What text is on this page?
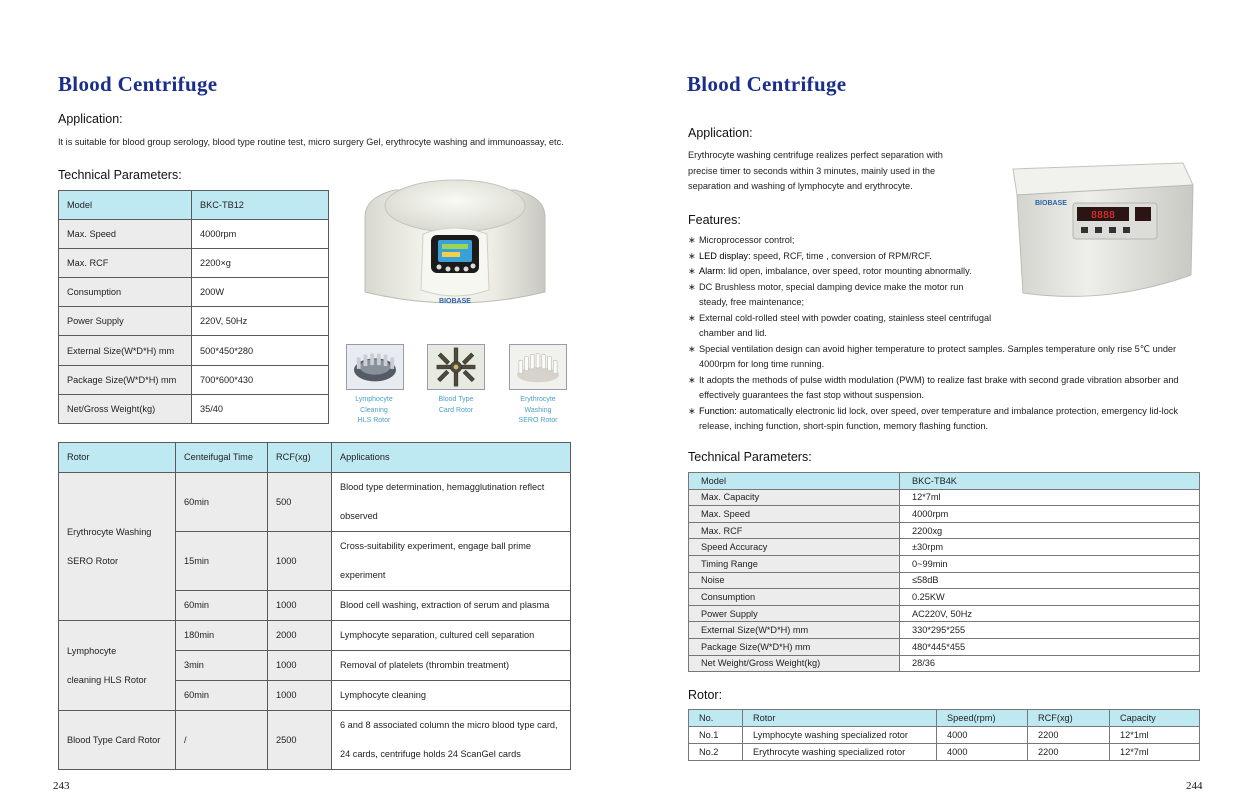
Blood Centrifuge
Application:
It is suitable for blood group serology, blood type routine test, micro surgery Gel, erythrocyte washing and immunoassay, etc.
Technical Parameters:
Model	BKC-TB12
Max. Speed	4000rpm
Max. RCF	2200×g
Consumption	200W
Power Supply	220V, 50Hz
External Size(W*D*H) mm	500*450*280
Package Size(W*D*H) mm	700*600*430
Net/Gross Weight(kg)	35/40
BIOBASE
Lymphocyte
Cleaning
HLS Rotor
Blood Type
Card Rotor
Erythrocyte
Washing
SERO Rotor
Rotor	Centeifugal Time	RCF(xg)	Applications

Erythrocyte Washing
SERO Rotor	60min	500	Blood type determination, hemagglutination reflect
			observed
	15min	1000	Cross-suitability experiment, engage ball prime
			experiment
	60min	1000	Blood cell washing, extraction of serum and plasma

Lymphocyte
cleaning HLS Rotor	180min	2000	Lymphocyte separation, cultured cell separation
	3min	1000	Removal of platelets (thrombin treatment)
	60min	1000	Lymphocyte cleaning
Blood Type Card Rotor	/	2500	6 and 8 associated column the micro blood type card,
			24 cards, centrifuge holds 24 ScanGel cards
243
Blood Centrifuge
Application:
Erythrocyte washing centrifuge realizes perfect separation with
precise timer to seconds within 3 minutes, mainly used in the
separation and washing of lymphocyte and erythrocyte.
8888
BIOBASE
Features:
∗ Microprocessor control;
∗ LED display: speed, RCF, time , conversion of RPM/RCF.
∗ Alarm: lid open, imbalance, over speed, rotor mounting abnormally.
∗ DC Brushless motor, special damping device make the motor run
steady, free maintenance;
∗ External cold-rolled steel with powder coating, stainless steel centrifugal
chamber and lid.
∗ Special ventilation design can avoid higher temperature to protect samples. Samples temperature only rise 5℃ under
4000rpm for long time running.
∗ It adopts the methods of pulse width modulation (PWM) to realize fast brake with second grade vibration absorber and
effectively guarantees the fast stop without suspension.
∗ Function: automatically electronic lid lock, over speed, over temperature and imbalance protection, emergency lid-lock
release, inching function, short-spin function, memory flashing function.
Technical Parameters:
Model	BKC-TB4K
Max. Capacity	12*7ml
Max. Speed	4000rpm
Max. RCF	2200xg
Speed Accuracy	±30rpm
Timing Range	0~99min
Noise	≤58dB
Consumption	0.25KW
Power Supply	AC220V, 50Hz
External Size(W*D*H) mm	330*295*255
Package Size(W*D*H) mm	480*445*455
Net Weight/Gross Weight(kg)	28/36
Rotor:
No.	Rotor	Speed(rpm)	RCF(xg)	Capacity
No.1	Lymphocyte washing specialized rotor	4000	2200	12*1ml
No.2	Erythrocyte washing specialized rotor	4000	2200	12*7ml
244
